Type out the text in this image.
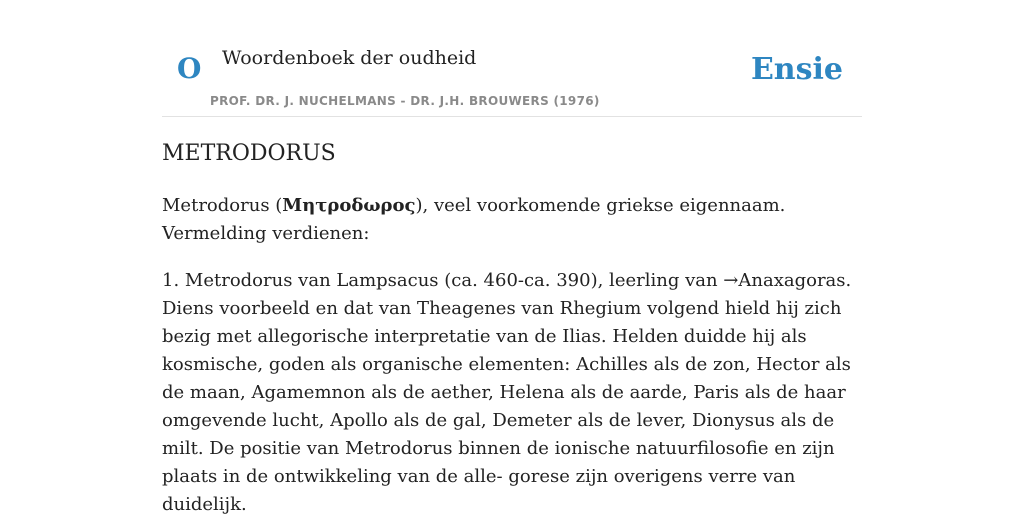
O Woordenboek der oudheid
PROF. DR. J. NUCHELMANS - DR. J.H. BROUWERS (1976)
Ensie
METRODORUS

Metrodorus (Μητροδωρος), veel voorkomende griekse eigennaam. Vermelding verdienen:

1. Metrodorus van Lampsacus (ca. 460-ca. 390), leerling van →Anaxagoras. Diens voorbeeld en dat van Theagenes van Rhegium volgend hield hij zich bezig met allegorische interpretatie van de Ilias. Helden duidde hij als kosmische, goden als organische elementen: Achilles als de zon, Hector als de maan, Agamemnon als de aether, Helena als de aarde, Paris als de haar omgevende lucht, Apollo als de gal, Demeter als de lever, Dionysus als de milt. De positie van Metrodorus binnen de ionische natuurfilosofie en zijn plaats in de ontwikkeling van de alle- gorese zijn overigens verre van duidelijk.
